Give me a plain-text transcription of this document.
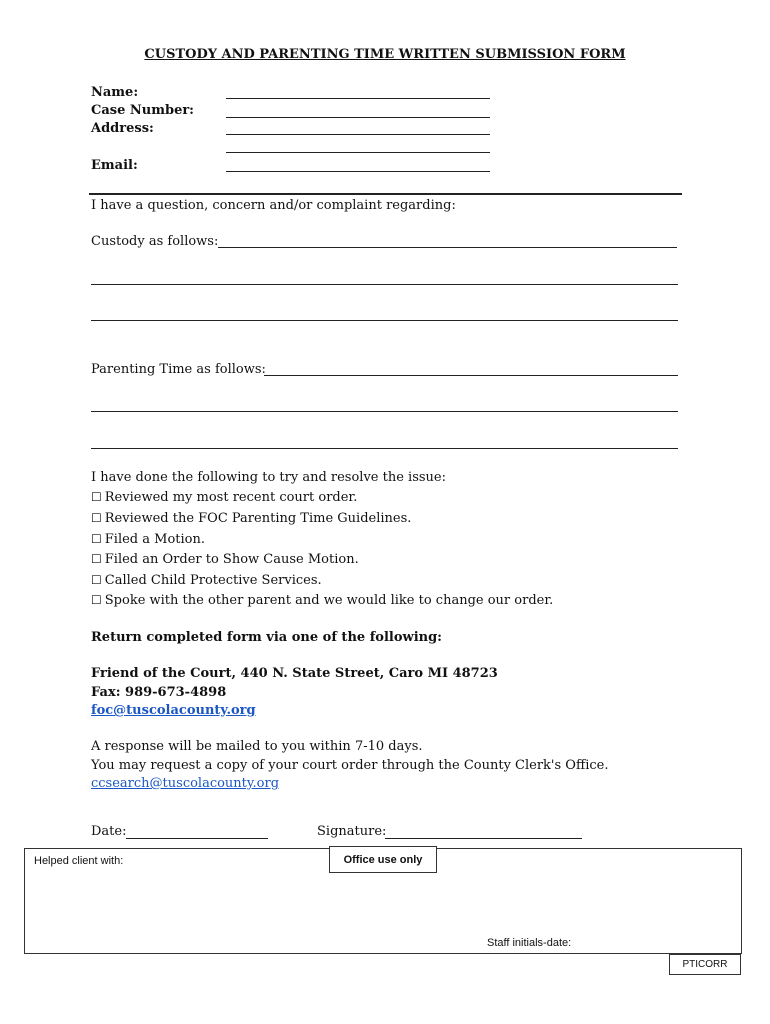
CUSTODY AND PARENTING TIME WRITTEN SUBMISSION FORM
Name:
Case Number:
Address:
Email:
I have a question, concern and/or complaint regarding:
Custody as follows:
Parenting Time as follows:
I have done the following to try and resolve the issue:
☐ Reviewed my most recent court order.
☐ Reviewed the FOC Parenting Time Guidelines.
☐ Filed a Motion.
☐ Filed an Order to Show Cause Motion.
☐ Called Child Protective Services.
☐ Spoke with the other parent and we would like to change our order.
Return completed form via one of the following:
Friend of the Court, 440 N. State Street, Caro MI 48723
Fax: 989-673-4898
foc@tuscolacounty.org
A response will be mailed to you within 7-10 days.
You may request a copy of your court order through the County Clerk's Office.
ccsearch@tuscolacounty.org
Date:	Signature:
Office use only
Helped client with:
Staff initials-date:
PTICORR
